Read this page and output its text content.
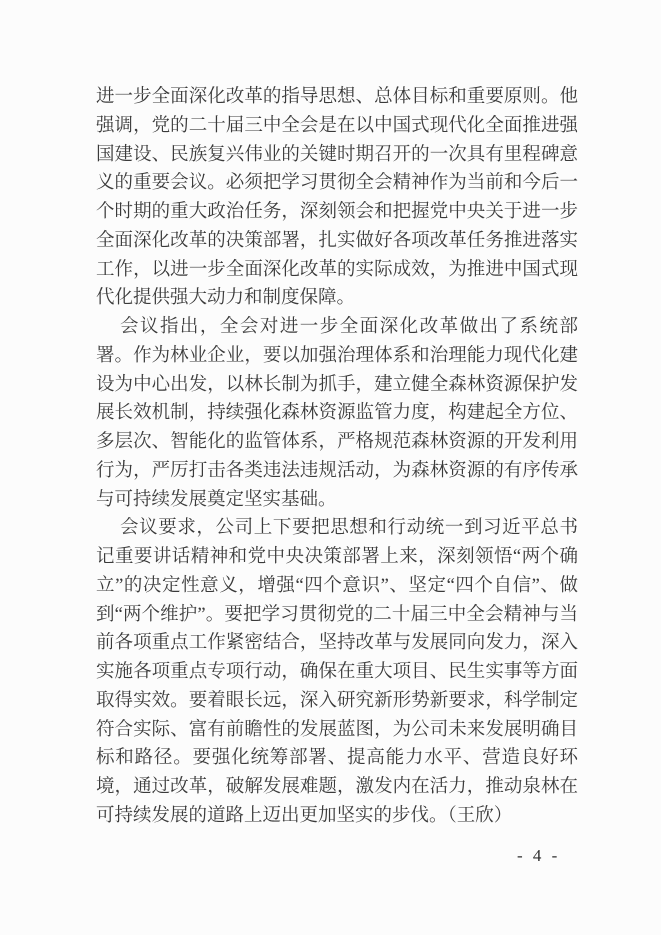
进一步全面深化改革的指导思想、总体目标和重要原则。他强调，党的二十届三中全会是在以中国式现代化全面推进强国建设、民族复兴伟业的关键时期召开的一次具有里程碑意义的重要会议。必须把学习贯彻全会精神作为当前和今后一个时期的重大政治任务，深刻领会和把握党中央关于进一步全面深化改革的决策部署，扎实做好各项改革任务推进落实工作，以进一步全面深化改革的实际成效，为推进中国式现代化提供强大动力和制度保障。

会议指出，全会对进一步全面深化改革做出了系统部署。作为林业企业，要以加强治理体系和治理能力现代化建设为中心出发，以林长制为抓手，建立健全森林资源保护发展长效机制，持续强化森林资源监管力度，构建起全方位、多层次、智能化的监管体系，严格规范森林资源的开发利用行为，严厉打击各类违法违规活动，为森林资源的有序传承与可持续发展奠定坚实基础。

会议要求，公司上下要把思想和行动统一到习近平总书记重要讲话精神和党中央决策部署上来，深刻领悟“两个确立”的决定性意义，增强“四个意识”、坚定“四个自信”、做到“两个维护”。要把学习贯彻党的二十届三中全会精神与当前各项重点工作紧密结合，坚持改革与发展同向发力，深入实施各项重点专项行动，确保在重大项目、民生实事等方面取得实效。要着眼长远，深入研究新形势新要求，科学制定符合实际、富有前瞻性的发展蓝图，为公司未来发展明确目标和路径。要强化统筹部署、提高能力水平、营造良好环境，通过改革，破解发展难题，激发内在活力，推动泉林在可持续发展的道路上迈出更加坚实的步伐。（王欣）

- 4 -
